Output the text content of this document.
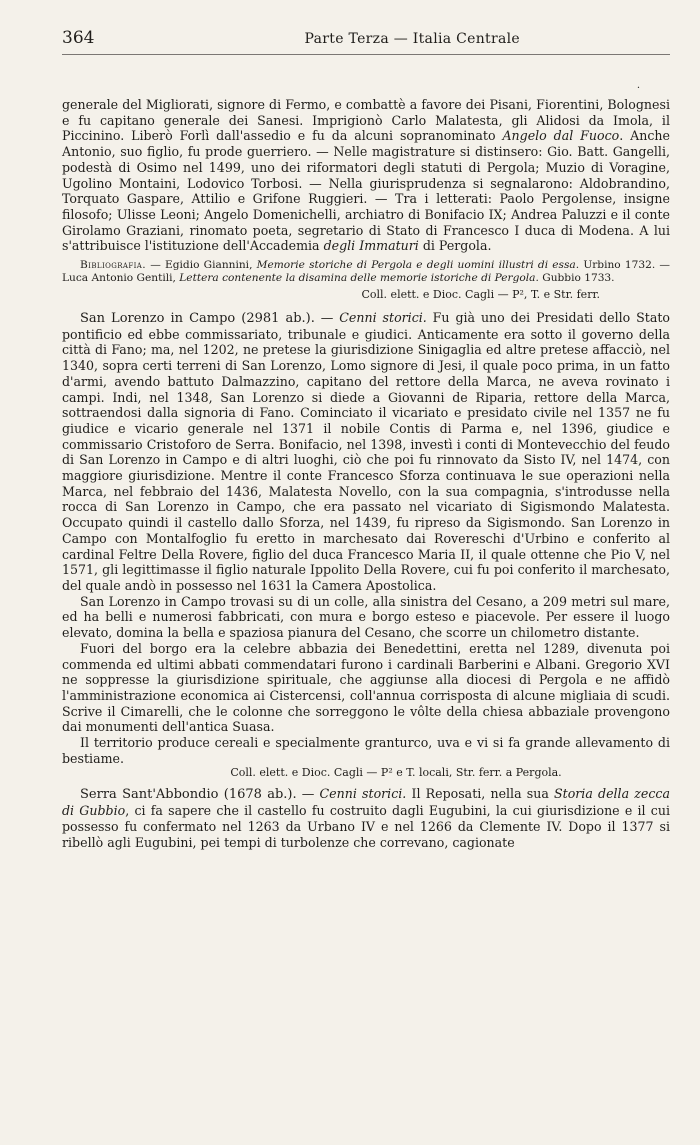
364	Parte Terza — Italia Centrale
.

generale del Migliorati, signore di Fermo, e combattè a favore dei Pisani, Fiorentini, Bolognesi e fu capitano generale dei Sanesi. Imprigionò Carlo Malatesta, gli Alidosi da Imola, il Piccinino. Liberò Forlì dall'assedio e fu da alcuni sopranominato Angelo dal Fuoco. Anche Antonio, suo figlio, fu prode guerriero. — Nelle magistrature si distinsero: Gio. Batt. Gangelli, podestà di Osimo nel 1499, uno dei riformatori degli statuti di Pergola; Muzio di Voragine, Ugolino Montaini, Lodovico Torbosi. — Nella giurisprudenza si segnalarono: Aldobrandino, Torquato Gaspare, Attilio e Grifone Ruggieri. — Tra i letterati: Paolo Pergolense, insigne filosofo; Ulisse Leoni; Angelo Domenichelli, archiatro di Bonifacio IX; Andrea Paluzzi e il conte Girolamo Graziani, rinomato poeta, segretario di Stato di Francesco I duca di Modena. A lui s'attribuisce l'istituzione dell'Accademia degli Immaturi di Pergola.

Bibliografia. — Egidio Giannini, Memorie storiche di Pergola e degli uomini illustri di essa. Urbino 1732. — Luca Antonio Gentili, Lettera contenente la disamina delle memorie istoriche di Pergola. Gubbio 1733.

Coll. elett. e Dioc. Cagli — P², T. e Str. ferr.

San Lorenzo in Campo (2981 ab.). — Cenni storici. Fu già uno dei Presidati dello Stato pontificio ed ebbe commissariato, tribunale e giudici. Anticamente era sotto il governo della città di Fano; ma, nel 1202, ne pretese la giurisdizione Sinigaglia ed altre pretese affacciò, nel 1340, sopra certi terreni di San Lorenzo, Lomo signore di Jesi, il quale poco prima, in un fatto d'armi, avendo battuto Dalmazzino, capitano del rettore della Marca, ne aveva rovinato i campi. Indi, nel 1348, San Lorenzo si diede a Giovanni de Riparia, rettore della Marca, sottraendosi dalla signoria di Fano. Cominciato il vicariato e presidato civile nel 1357 ne fu giudice e vicario generale nel 1371 il nobile Contis di Parma e, nel 1396, giudice e commissario Cristoforo de Serra. Bonifacio, nel 1398, investì i conti di Montevecchio del feudo di San Lorenzo in Campo e di altri luoghi, ciò che poi fu rinnovato da Sisto IV, nel 1474, con maggiore giurisdizione. Mentre il conte Francesco Sforza continuava le sue operazioni nella Marca, nel febbraio del 1436, Malatesta Novello, con la sua compagnia, s'introdusse nella rocca di San Lorenzo in Campo, che era passato nel vicariato di Sigismondo Malatesta. Occupato quindi il castello dallo Sforza, nel 1439, fu ripreso da Sigismondo. San Lorenzo in Campo con Montalfoglio fu eretto in marchesato dai Rovereschi d'Urbino e conferito al cardinal Feltre Della Rovere, figlio del duca Francesco Maria II, il quale ottenne che Pio V, nel 1571, gli legittimasse il figlio naturale Ippolito Della Rovere, cui fu poi conferito il marchesato, del quale andò in possesso nel 1631 la Camera Apostolica.

San Lorenzo in Campo trovasi su di un colle, alla sinistra del Cesano, a 209 metri sul mare, ed ha belli e numerosi fabbricati, con mura e borgo esteso e piacevole. Per essere il luogo elevato, domina la bella e spaziosa pianura del Cesano, che scorre un chilometro distante.

Fuori del borgo era la celebre abbazia dei Benedettini, eretta nel 1289, divenuta poi commenda ed ultimi abbati commendatari furono i cardinali Barberini e Albani. Gregorio XVI ne soppresse la giurisdizione spirituale, che aggiunse alla diocesi di Pergola e ne affidò l'amministrazione economica ai Cistercensi, coll'annua corrisposta di alcune migliaia di scudi. Scrive il Cimarelli, che le colonne che sorreggono le vôlte della chiesa abbaziale provengono dai monumenti dell'antica Suasa.

Il territorio produce cereali e specialmente granturco, uva e vi si fa grande allevamento di bestiame.

Coll. elett. e Dioc. Cagli — P² e T. locali, Str. ferr. a Pergola.

Serra Sant'Abbondio (1678 ab.). — Cenni storici. Il Reposati, nella sua Storia della zecca di Gubbio, ci fa sapere che il castello fu costruito dagli Eugubini, la cui giurisdizione e il cui possesso fu confermato nel 1263 da Urbano IV e nel 1266 da Clemente IV. Dopo il 1377 si ribellò agli Eugubini, pei tempi di turbolenze che correvano, cagionate
